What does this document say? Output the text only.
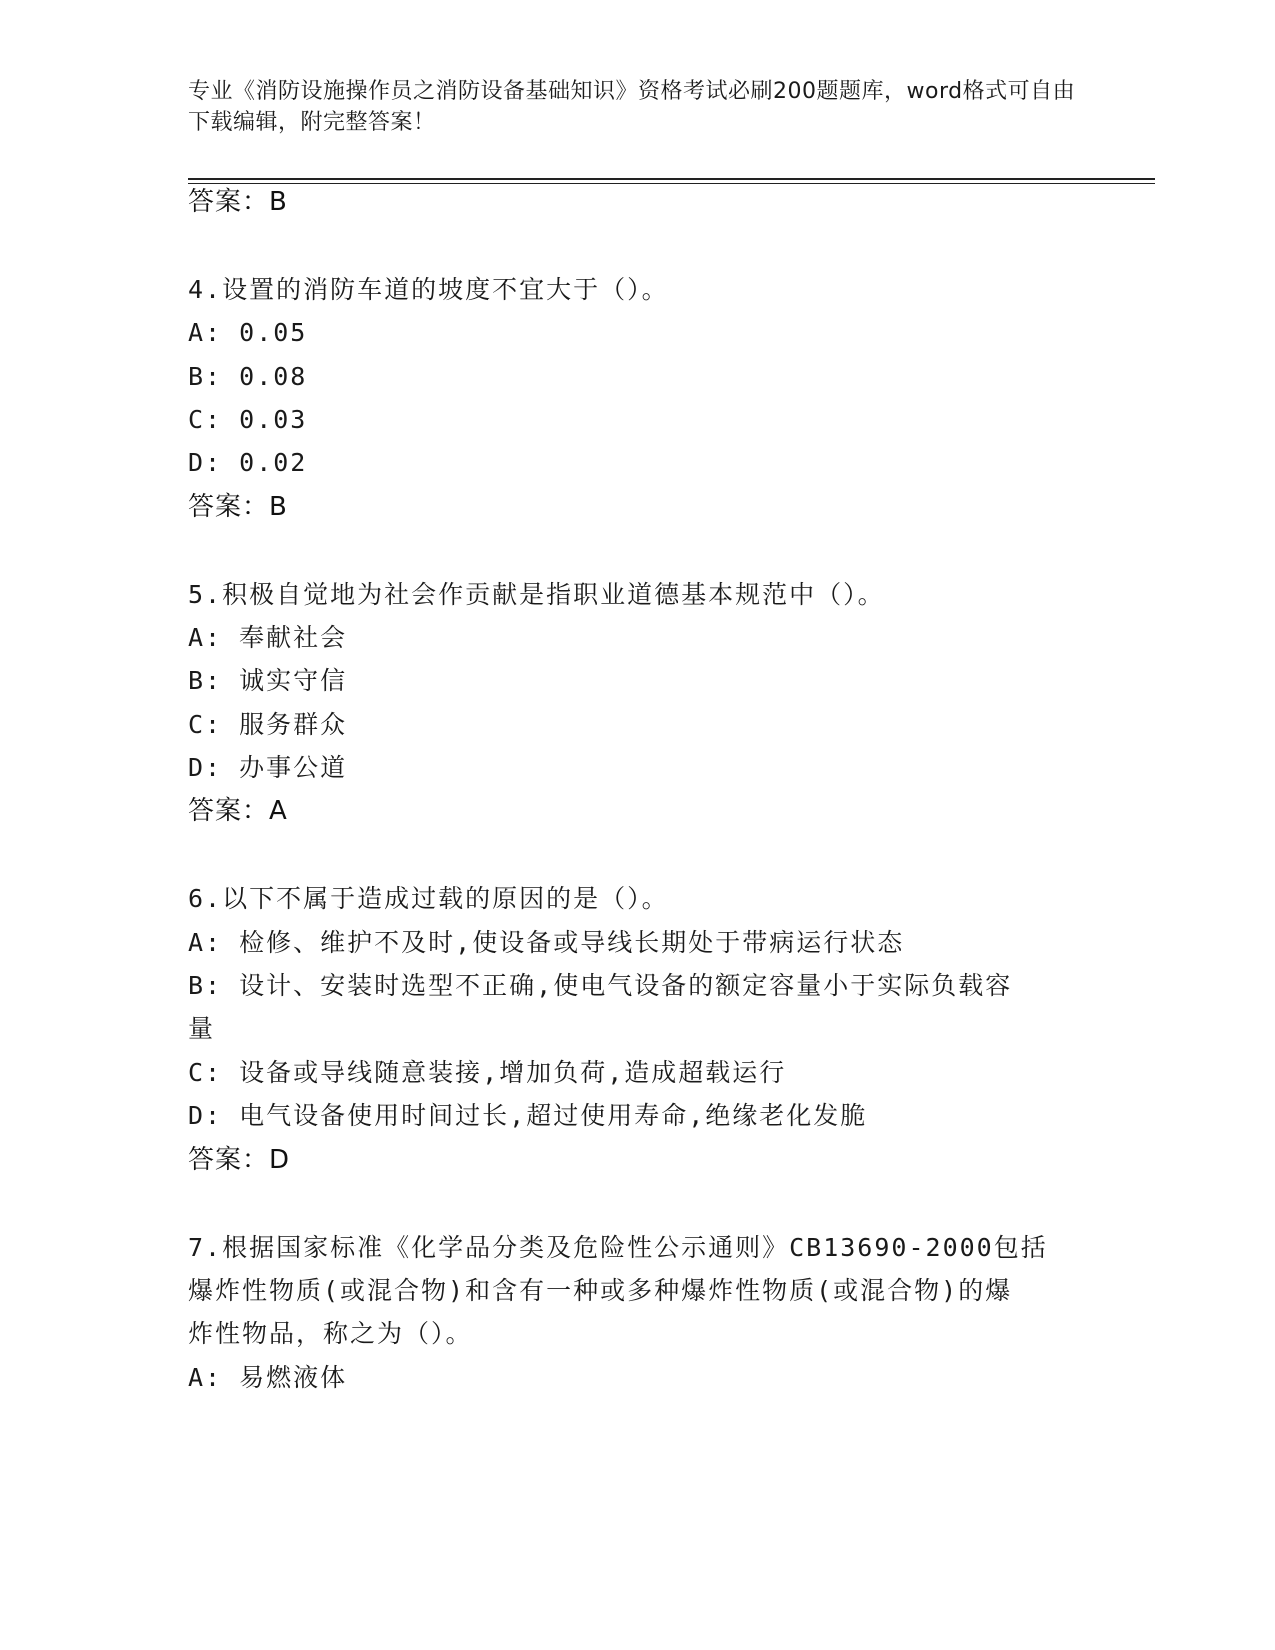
专业《消防设施操作员之消防设备基础知识》资格考试必刷200题题库，word格式可自由下载编辑，附完整答案！
答案：B
4.设置的消防车道的坡度不宜大于（）。
A: 0.05
B: 0.08
C: 0.03
D: 0.02
答案：B
5.积极自觉地为社会作贡献是指职业道德基本规范中（）。
A: 奉献社会
B: 诚实守信
C: 服务群众
D: 办事公道
答案：A
6.以下不属于造成过载的原因的是（）。
A: 检修、维护不及时,使设备或导线长期处于带病运行状态
B: 设计、安装时选型不正确,使电气设备的额定容量小于实际负载容
量
C: 设备或导线随意装接,增加负荷,造成超载运行
D: 电气设备使用时间过长,超过使用寿命,绝缘老化发脆
答案：D
7.根据国家标准《化学品分类及危险性公示通则》CB13690-2000包括
爆炸性物质(或混合物)和含有一种或多种爆炸性物质(或混合物)的爆
炸性物品，称之为（）。
A: 易燃液体
